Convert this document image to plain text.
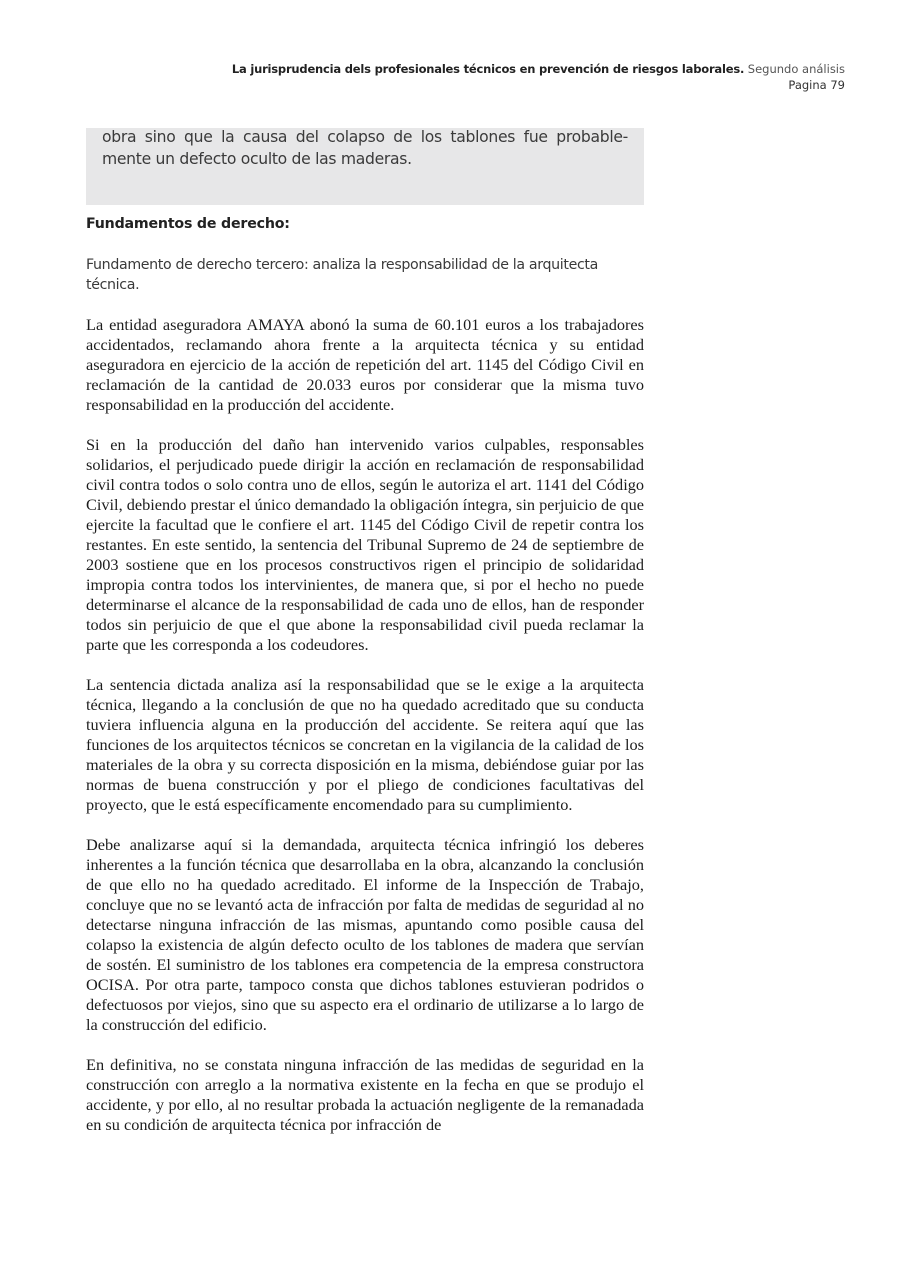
La jurisprudencia dels profesionales técnicos en prevención de riesgos laborales. Segundo análisis
Pagina 79

obra sino que la causa del colapso de los tablones fue probable-mente un defecto oculto de las maderas.

Fundamentos de derecho:

Fundamento de derecho tercero: analiza la responsabilidad de la arquitecta técnica.

La entidad aseguradora AMAYA abonó la suma de 60.101 euros a los trabajadores accidentados, reclamando ahora frente a la arquitecta técnica y su entidad aseguradora en ejercicio de la acción de repetición del art. 1145 del Código Civil en reclamación de la cantidad de 20.033 euros por considerar que la misma tuvo responsabilidad en la producción del accidente.

Si en la producción del daño han intervenido varios culpables, responsables solidarios, el perjudicado puede dirigir la acción en reclamación de responsabilidad civil contra todos o solo contra uno de ellos, según le autoriza el art. 1141 del Código Civil, debiendo prestar el único demandado la obligación íntegra, sin perjuicio de que ejercite la facultad que le confiere el art. 1145 del Código Civil de repetir contra los restantes. En este sentido, la sentencia del Tribunal Supremo de 24 de septiembre de 2003 sostiene que en los procesos constructivos rigen el principio de solidaridad impropia contra todos los intervinientes, de manera que, si por el hecho no puede determinarse el alcance de la responsabilidad de cada uno de ellos, han de responder todos sin perjuicio de que el que abone la responsabilidad civil pueda reclamar la parte que les corresponda a los codeudores.

La sentencia dictada analiza así la responsabilidad que se le exige a la arquitecta técnica, llegando a la conclusión de que no ha quedado acreditado que su conducta tuviera influencia alguna en la producción del accidente. Se reitera aquí que las funciones de los arquitectos técnicos se concretan en la vigilancia de la calidad de los materiales de la obra y su correcta disposición en la misma, debiéndose guiar por las normas de buena construcción y por el pliego de condiciones facultativas del proyecto, que le está específicamente encomendado para su cumplimiento.

Debe analizarse aquí si la demandada, arquitecta técnica infringió los deberes inherentes a la función técnica que desarrollaba en la obra, alcanzando la conclusión de que ello no ha quedado acreditado. El informe de la Inspección de Trabajo, concluye que no se levantó acta de infracción por falta de medidas de seguridad al no detectarse ninguna infracción de las mismas, apuntando como posible causa del colapso la existencia de algún defecto oculto de los tablones de madera que servían de sostén. El suministro de los tablones era competencia de la empresa constructora OCISA. Por otra parte, tampoco consta que dichos tablones estuvieran podridos o defectuosos por viejos, sino que su aspecto era el ordinario de utilizarse a lo largo de la construcción del edificio.

En definitiva, no se constata ninguna infracción de las medidas de seguridad en la construcción con arreglo a la normativa existente en la fecha en que se produjo el accidente, y por ello, al no resultar probada la actuación negligente de la remanadada en su condición de arquitecta técnica por infracción de
